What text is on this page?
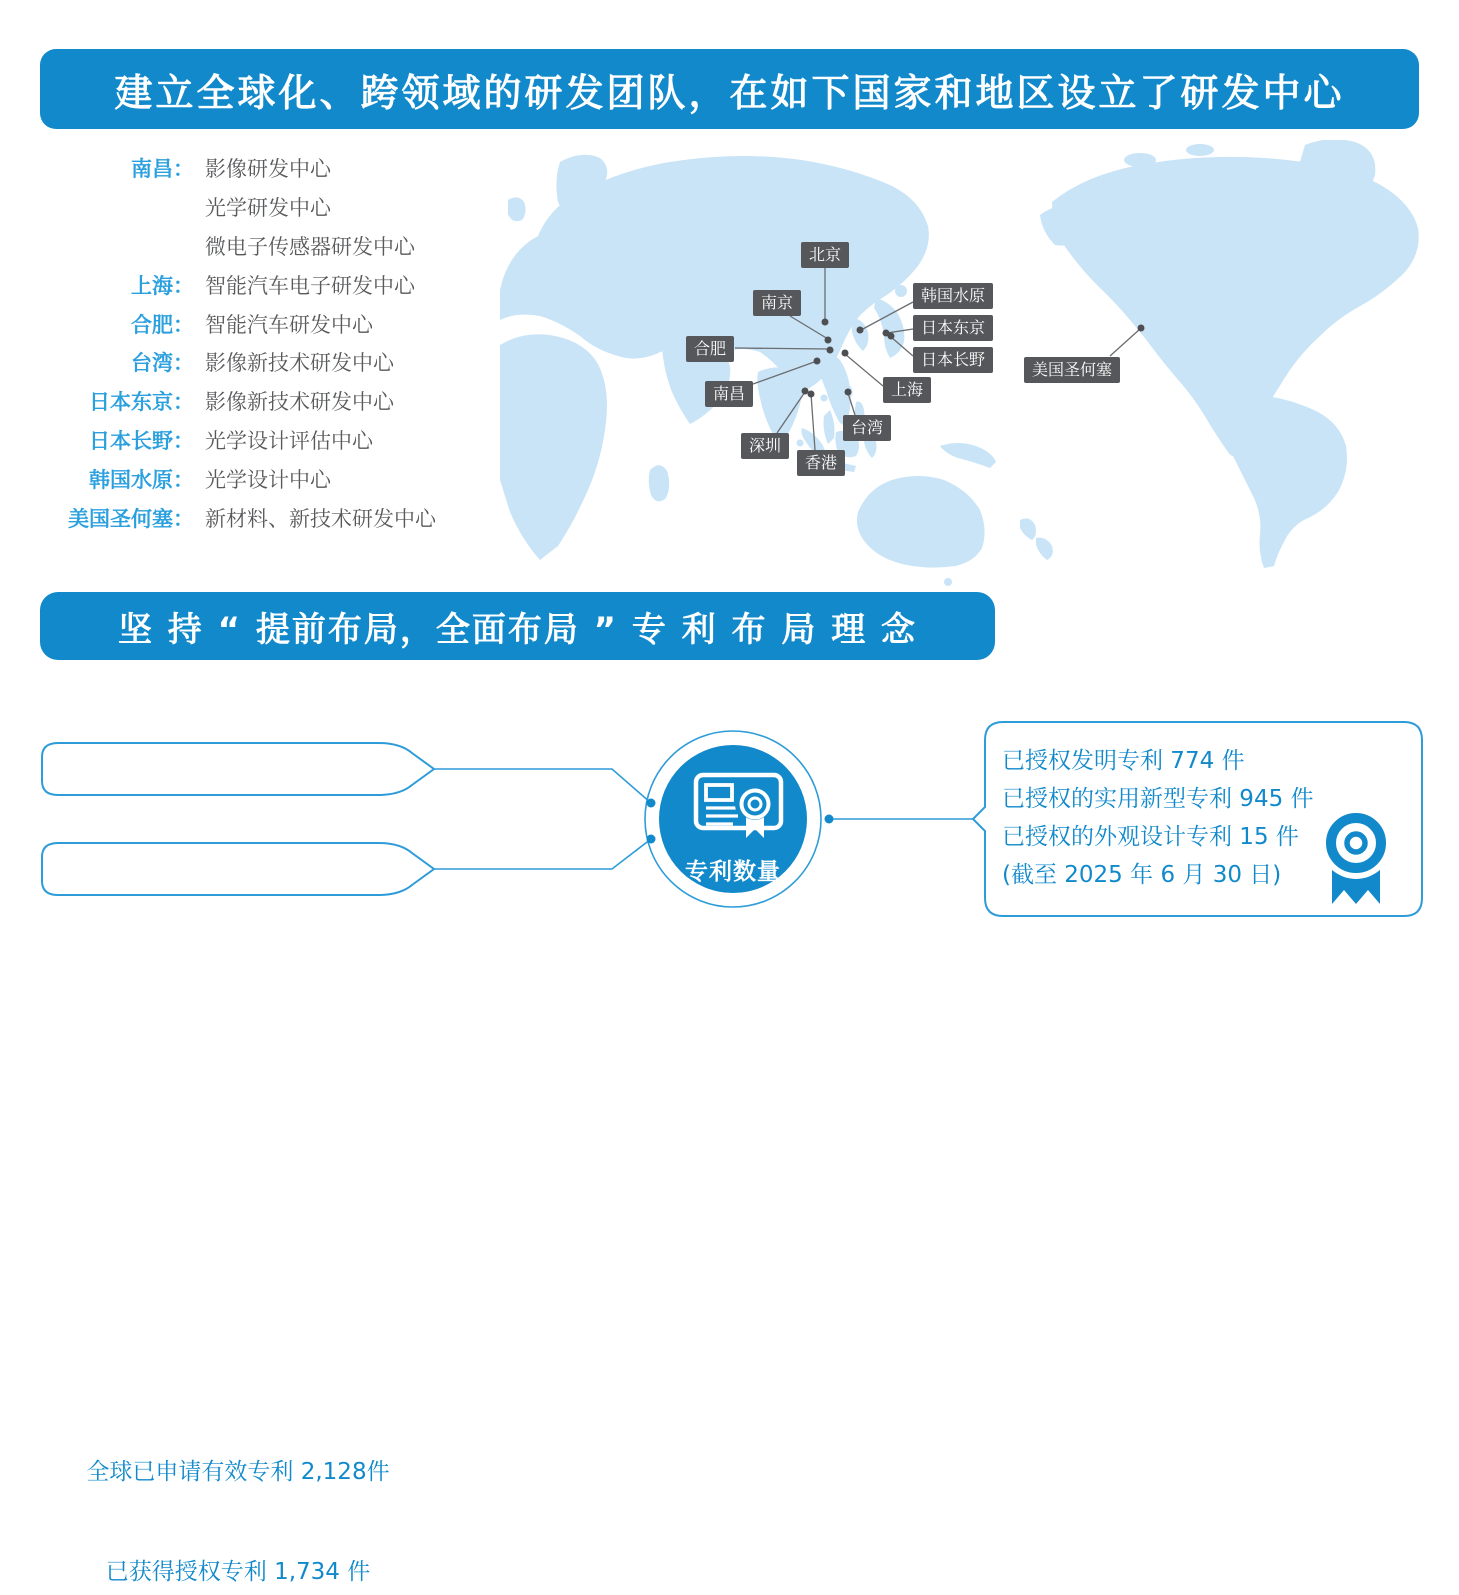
建立全球化、跨领域的研发团队，在如下国家和地区设立了研发中心
南昌： 影像研发中心
光学研发中心
微电子传感器研发中心
上海： 智能汽车电子研发中心
合肥： 智能汽车研发中心
台湾： 影像新技术研发中心
日本东京： 影像新技术研发中心
日本长野： 光学设计评估中心
韩国水原： 光学设计中心
美国圣何塞： 新材料、新技术研发中心
北京
南京
合肥
南昌
深圳
香港
台湾
上海
韩国水原
日本东京
日本长野
美国圣何塞
坚 持 “ 提前布局，全面布局 ” 专 利 布 局 理 念
全球已申请有效专利 2,128件
已获得授权专利 1,734 件
专利数量
已授权发明专利 774 件
已授权的实用新型专利 945 件
已授权的外观设计专利 15 件
(截至 2025 年 6 月 30 日)
